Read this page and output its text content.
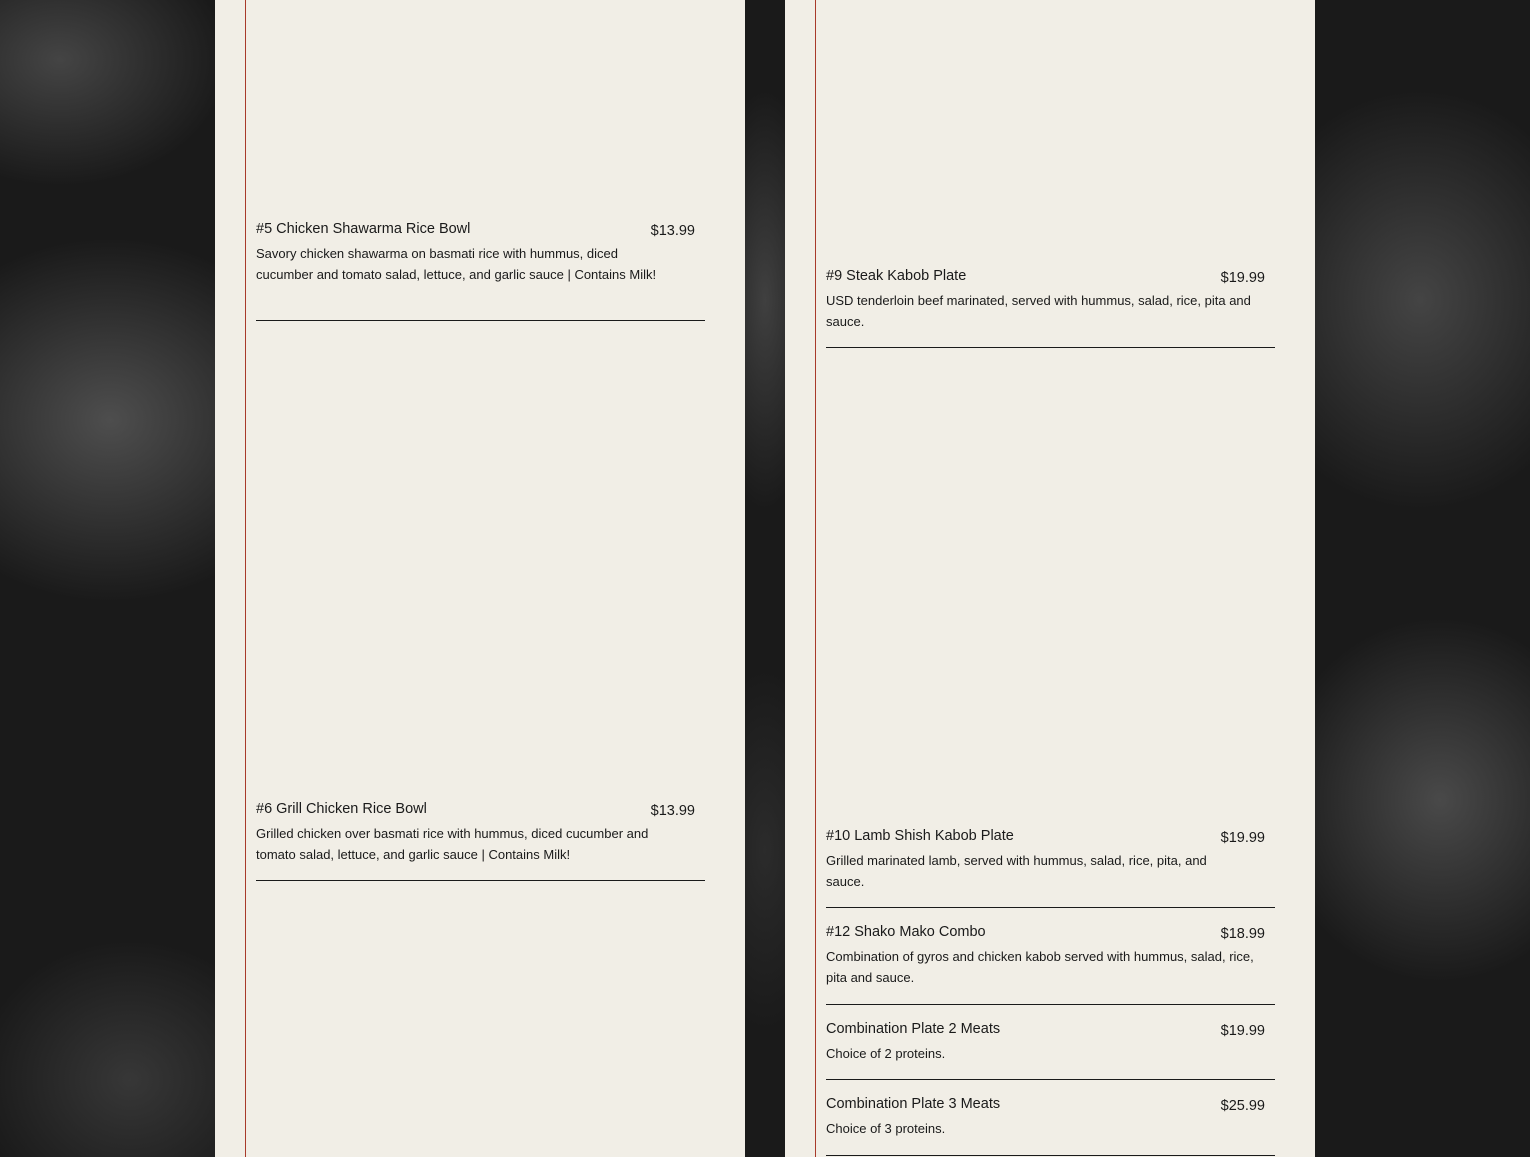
#5 Chicken Shawarma Rice Bowl	$13.99
Savory chicken shawarma on basmati rice with hummus, diced cucumber and tomato salad, lettuce, and garlic sauce | Contains Milk!
#6 Grill Chicken Rice Bowl	$13.99
Grilled chicken over basmati rice with hummus, diced cucumber and tomato salad, lettuce, and garlic sauce | Contains Milk!
#9 Steak Kabob Plate	$19.99
USD tenderloin beef marinated, served with hummus, salad, rice, pita and sauce.
#10 Lamb Shish Kabob Plate	$19.99
Grilled marinated lamb, served with hummus, salad, rice, pita, and sauce.
#12 Shako Mako Combo	$18.99
Combination of gyros and chicken kabob served with hummus, salad, rice, pita and sauce.
Combination Plate 2 Meats	$19.99
Choice of 2 proteins.
Combination Plate 3 Meats	$25.99
Choice of 3 proteins.
